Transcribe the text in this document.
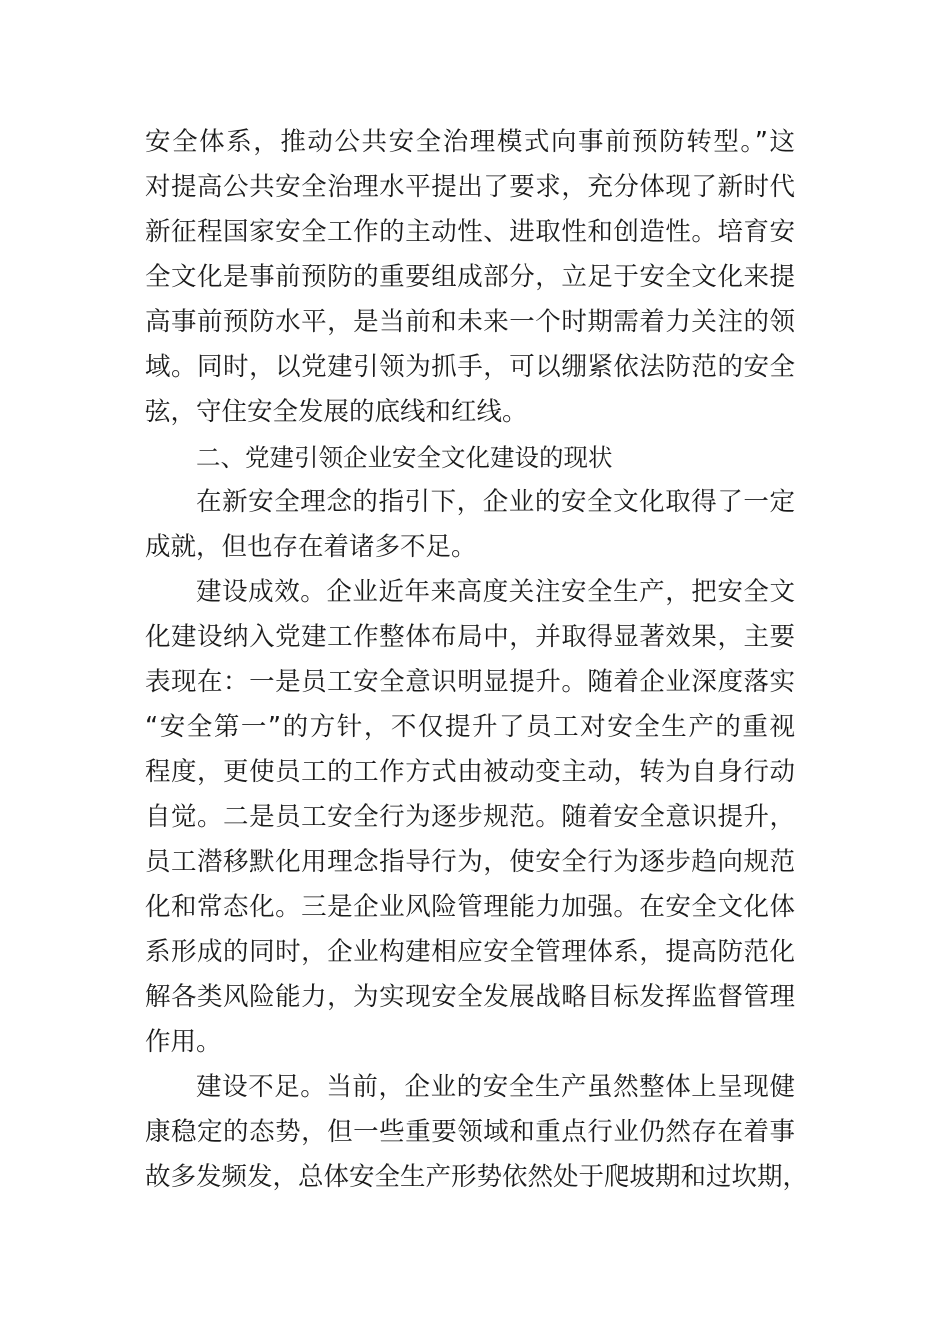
安全体系，推动公共安全治理模式向事前预防转型。”这
对提高公共安全治理水平提出了要求，充分体现了新时代
新征程国家安全工作的主动性、进取性和创造性。培育安
全文化是事前预防的重要组成部分，立足于安全文化来提
高事前预防水平，是当前和未来一个时期需着力关注的领
域。同时，以党建引领为抓手，可以绷紧依法防范的安全
弦，守住安全发展的底线和红线。
二、党建引领企业安全文化建设的现状
在新安全理念的指引下，企业的安全文化取得了一定
成就，但也存在着诸多不足。
建设成效。企业近年来高度关注安全生产，把安全文
化建设纳入党建工作整体布局中，并取得显著效果，主要
表现在：一是员工安全意识明显提升。随着企业深度落实
“安全第一”的方针，不仅提升了员工对安全生产的重视
程度，更使员工的工作方式由被动变主动，转为自身行动
自觉。二是员工安全行为逐步规范。随着安全意识提升，
员工潜移默化用理念指导行为，使安全行为逐步趋向规范
化和常态化。三是企业风险管理能力加强。在安全文化体
系形成的同时，企业构建相应安全管理体系，提高防范化
解各类风险能力，为实现安全发展战略目标发挥监督管理
作用。
建设不足。当前，企业的安全生产虽然整体上呈现健
康稳定的态势，但一些重要领域和重点行业仍然存在着事
故多发频发，总体安全生产形势依然处于爬坡期和过坎期，
